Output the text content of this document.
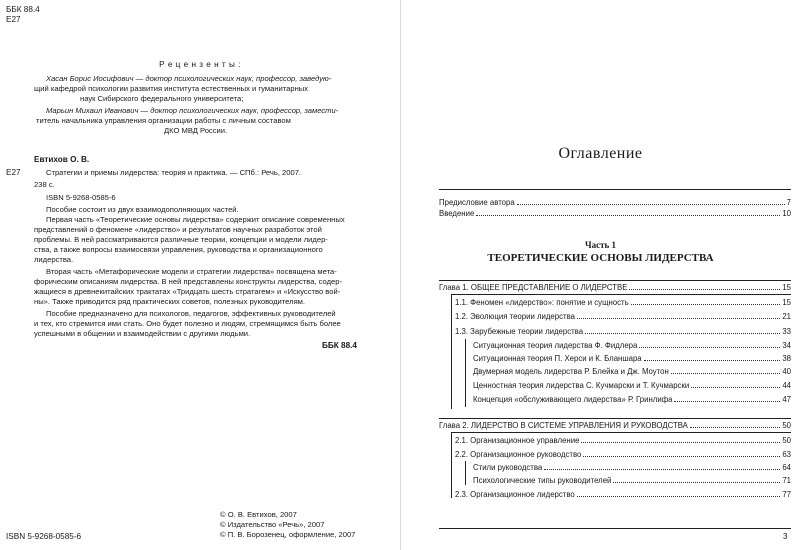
ББК 88.4
Е27
Р е ц е н з е н т ы :
Хасан Борис Иосифович — доктор психологических наук, профессор, заведую-
щий кафедрой психологии развития института естественных и гуманитарных
наук Сибирского федерального университета;
Марьин Михаил Иванович — доктор психологических наук, профессор, замести-
титель начальника управления организации работы с личным составом
ДКО МВД России.
Е27
Евтихов О. В.
Стратегии и приемы лидерства: теория и практика. — СПб.: Речь, 2007.
238 с.
ISBN 5-9268-0585-6
Пособие состоит из двух взаимодополняющих частей.
Первая часть «Теоретические основы лидерства» содержит описание современных
представлений о феномене «лидерство» и результатов научных разработок этой
проблемы. В ней рассматриваются различные теории, концепции и модели лидер-
ства, а также вопросы взаимосвязи управления, руководства и организационного
лидерства.
Вторая часть «Метафорические модели и стратегии лидерства» посвящена мета-
форическим описаниям лидерства. В ней представлены конструкты лидерства, содер-
жащиеся в древнекитайских трактатах «Тридцать шесть стратагем» и «Искусство вой-
ны». Также приводится ряд практических советов, полезных руководителям.
Пособие предназначено для психологов, педагогов, эффективных руководителей
и тех, кто стремится ими стать. Оно будет полезно и людям, стремящимся быть более
успешными в общении и взаимодействии с другими людьми.
ББК 88.4
ISBN 5-9268-0585-6
© О. В. Евтихов, 2007
© Издательство «Речь», 2007
© П. В. Борозенец, оформление, 2007
Оглавление
Предисловие автора	7
Введение	10
Часть 1
ТЕОРЕТИЧЕСКИЕ ОСНОВЫ ЛИДЕРСТВА
Глава 1. ОБЩЕЕ ПРЕДСТАВЛЕНИЕ О ЛИДЕРСТВЕ	15
1.1. Феномен «лидерство»: понятие и сущность	15
1.2. Эволюция теории лидерства	21
1.3. Зарубежные теории лидерства	33
Ситуационная теория лидерства Ф. Фидлера	34
Ситуационная теория П. Херси и К. Бланшара	38
Двумерная модель лидерства Р. Блейка и Дж. Моутон	40
Ценностная теория лидерства С. Кучмарски и Т. Кучмарски	44
Концепция «обслуживающего лидерства» Р. Гринлифа	47
Глава 2. ЛИДЕРСТВО В СИСТЕМЕ УПРАВЛЕНИЯ И РУКОВОДСТВА	50
2.1. Организационное управление	50
2.2. Организационное руководство	63
Стили руководства	64
Психологические типы руководителей	71
2.3. Организационное лидерство	77
3
